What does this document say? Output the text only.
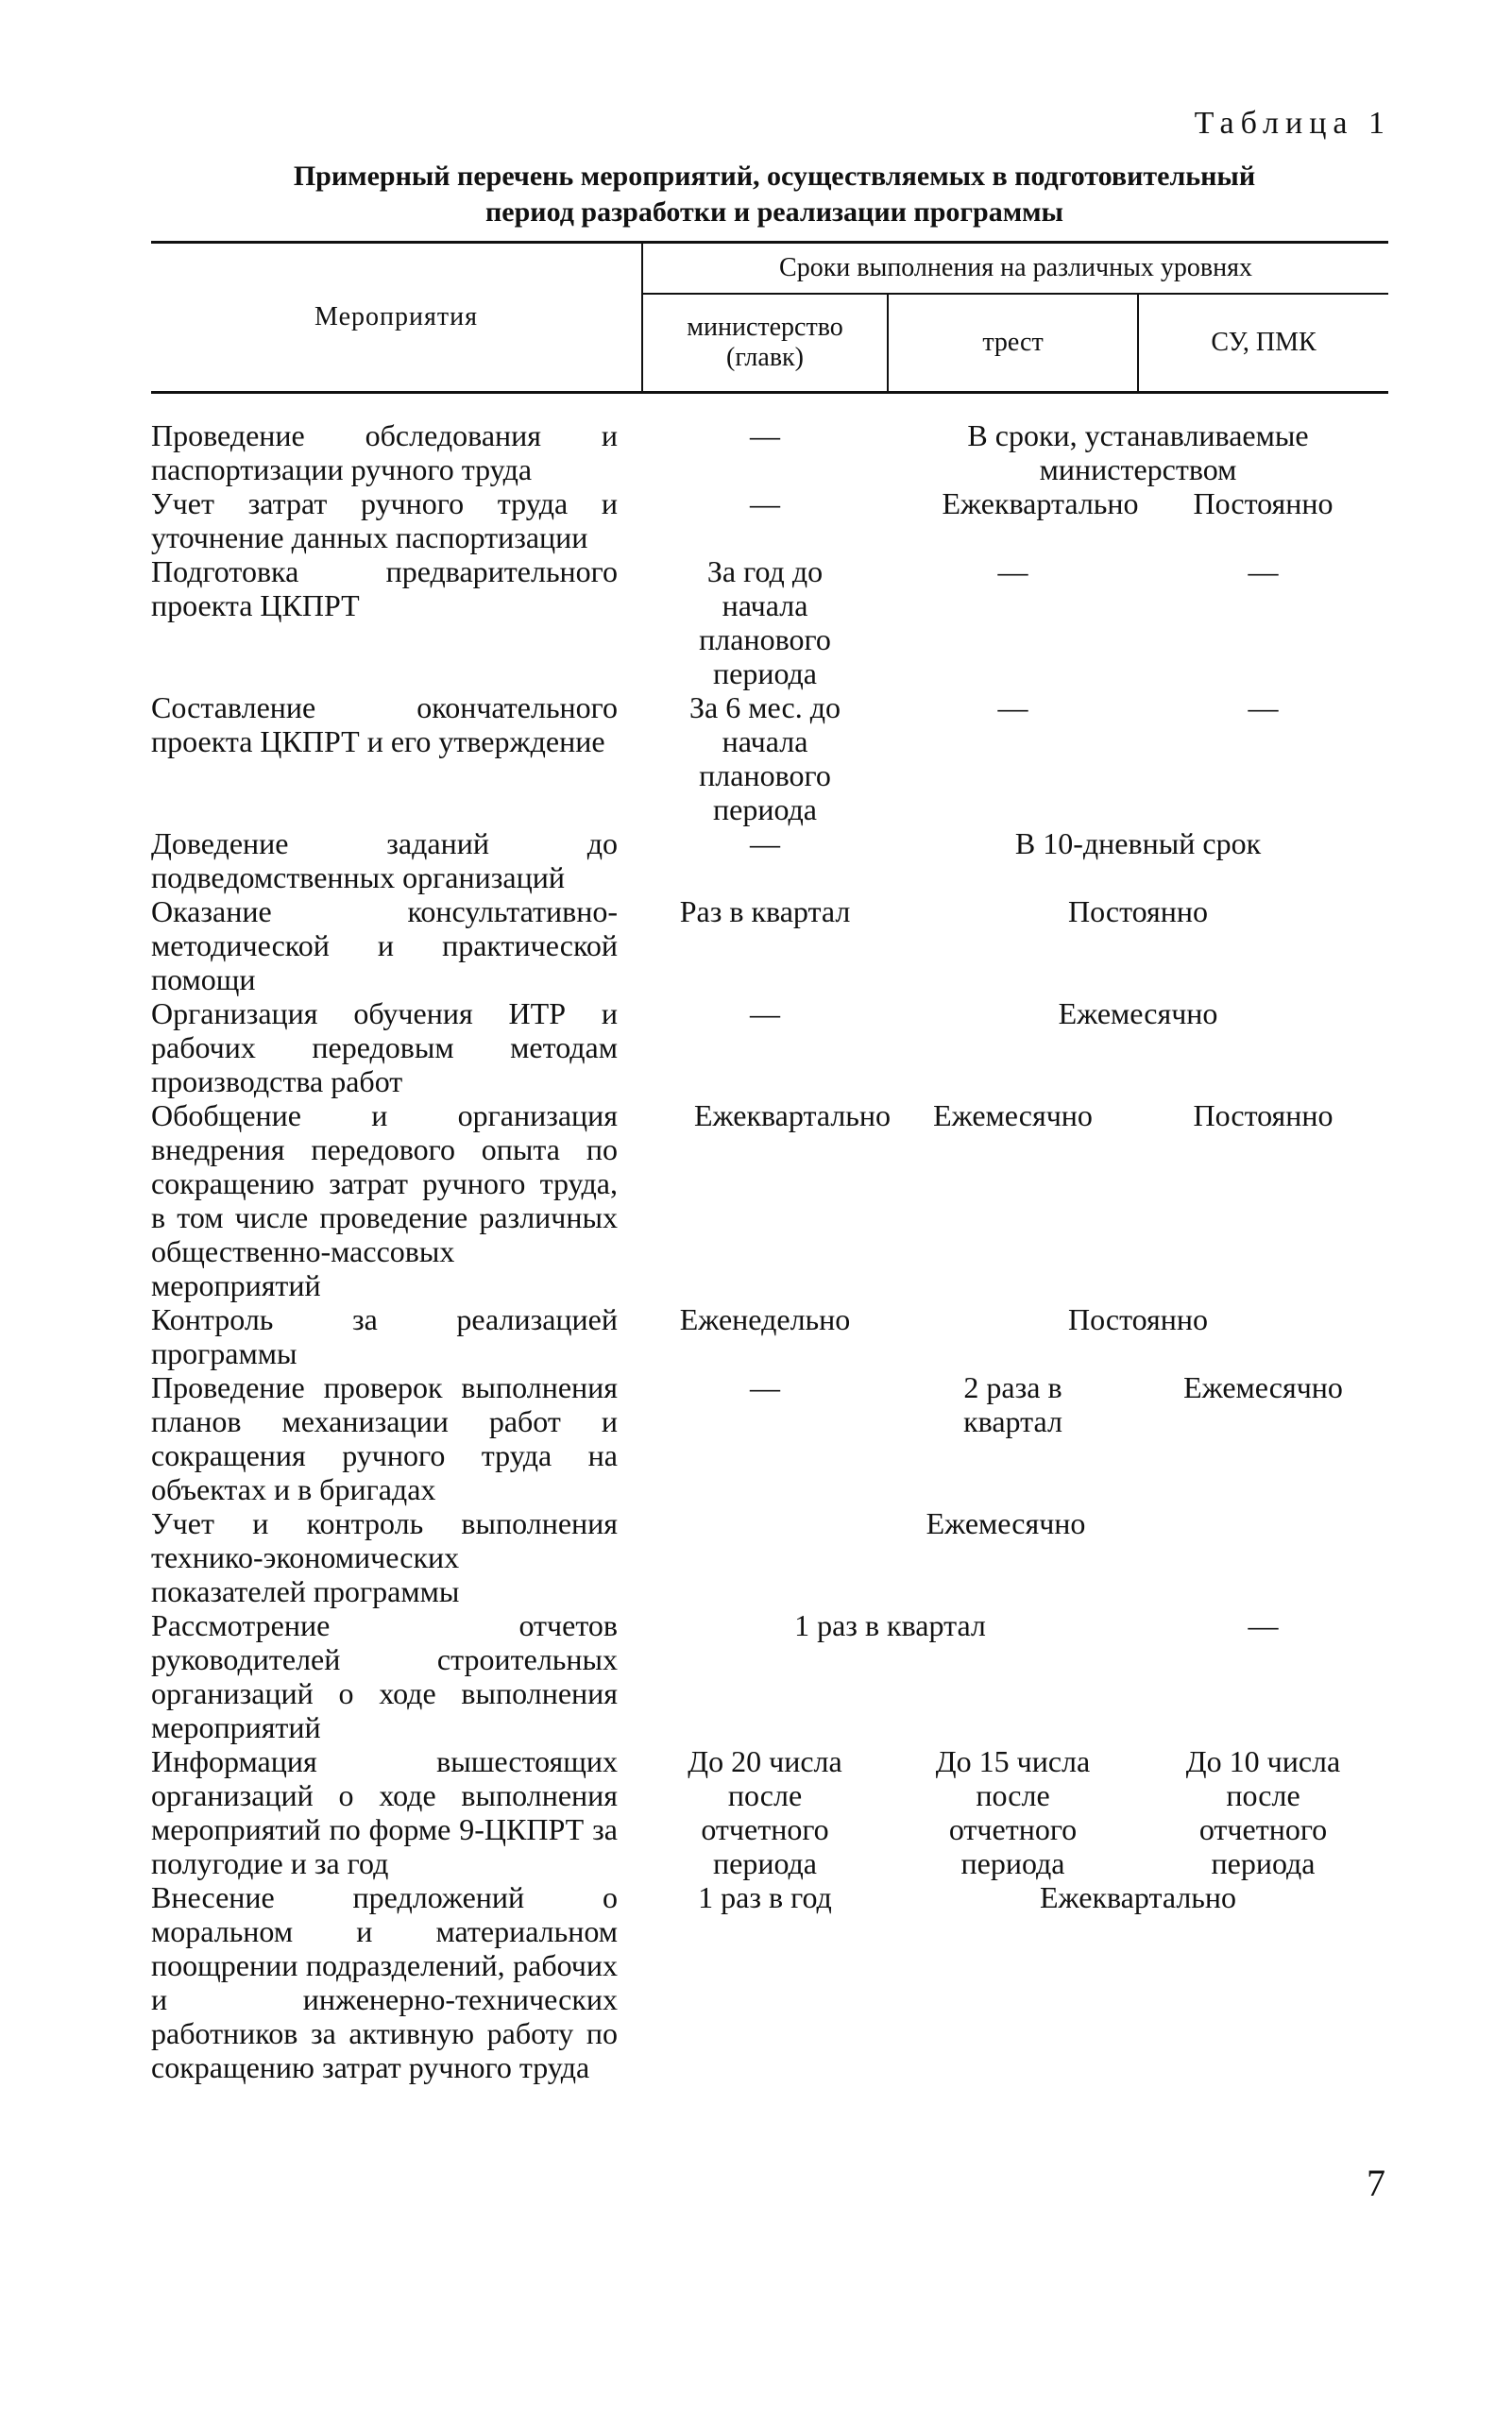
Таблица 1
Примерный перечень мероприятий, осуществляемых в подготовительный
период разработки и реализации программы
Мероприятия	Сроки выполнения на различных уровнях		

	министерство (главк)	трест	СУ, ПМК
Проведение обследования и паспортизации ручного труда	—	В сроки, устанавливаемые министерством	
Учет затрат ручного труда и уточнение данных паспортизации	—	Ежеквартально	Постоянно
Подготовка предварительного проекта ЦКПРТ	За год до начала планового периода	—	—
Составление окончательного проекта ЦКПРТ и его утверждение	За 6 мес. до начала планового периода	—	—
Доведение заданий до подведомственных организаций	—	В 10-дневный срок	
Оказание консультативно-методической и практической помощи	Раз в квартал	Постоянно	
Организация обучения ИТР и рабочих передовым методам производства работ	—	Ежемесячно	
Обобщение и организация внедрения передового опыта по сокращению затрат ручного труда, в том числе проведение различных общественно-массовых мероприятий	Ежеквартально	Ежемесячно	Постоянно
Контроль за реализацией программы	Еженедельно	Постоянно	
Проведение проверок выполнения планов механизации работ и сокращения ручного труда на объектах и в бригадах	—	2 раза в квартал	Ежемесячно
Учет и контроль выполнения технико-экономических показателей программы	Ежемесячно		

Рассмотрение отчетов руководителей строительных организаций о ходе выполнения мероприятий	1 раз в квартал		—
Информация вышестоящих организаций о ходе выполнения мероприятий по форме 9-ЦКПРТ за полугодие и за год	До 20 числа после отчетного периода	До 15 числа после отчетного периода	До 10 числа после отчетного периода

Внесение предложений о моральном и материальном поощрении подразделений, рабочих и инженерно-технических работников за активную работу по сокращению затрат ручного труда	1 раз в год	Ежеквартально	
7
